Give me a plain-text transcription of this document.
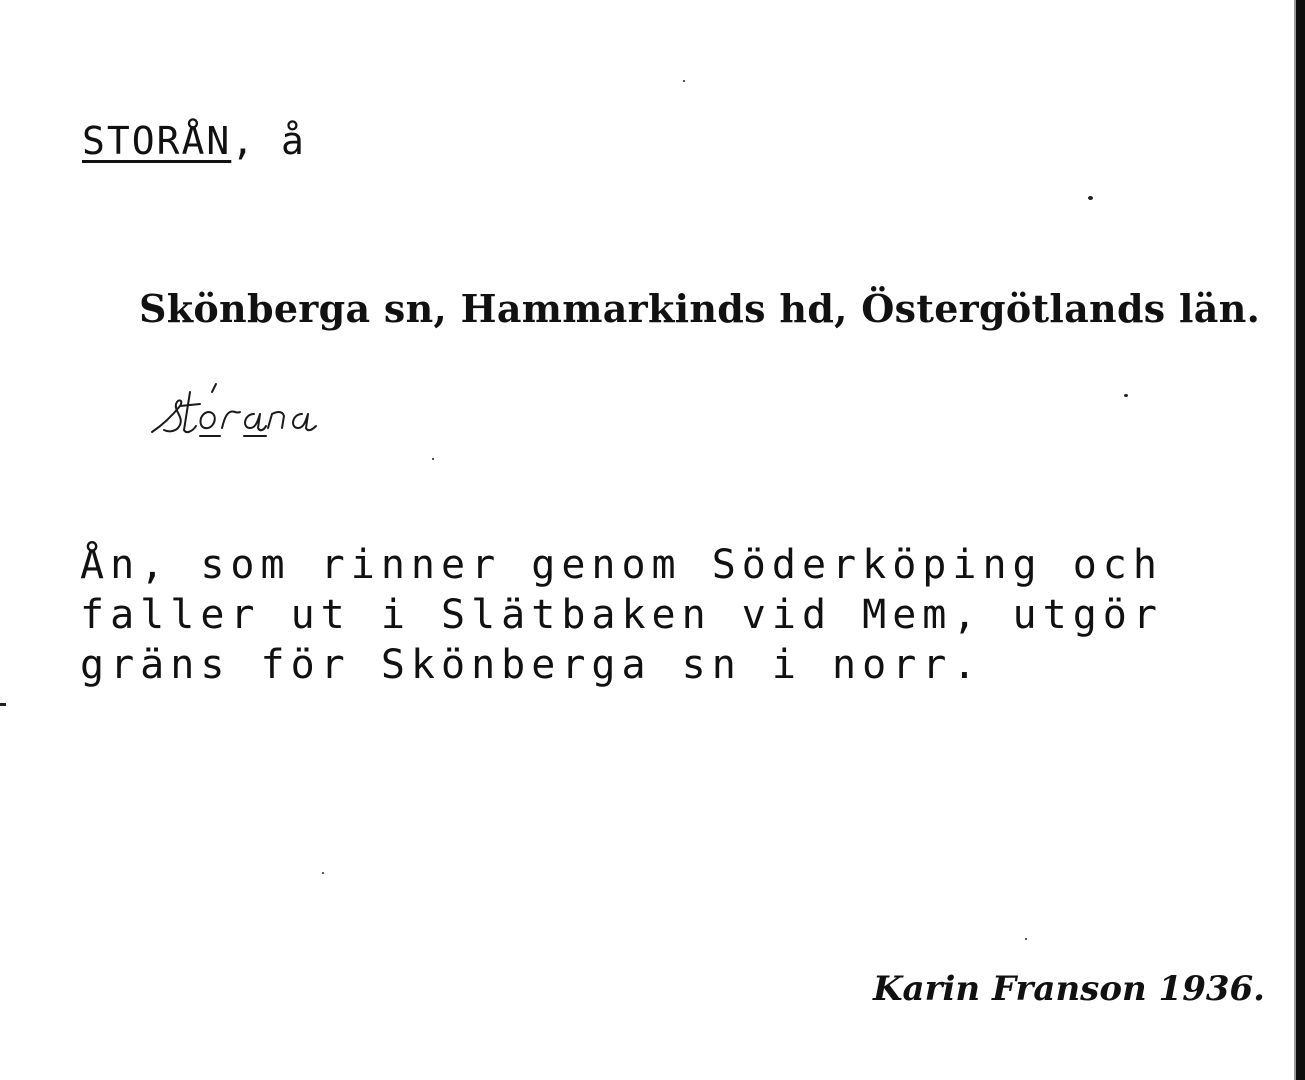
STORÅN, å
Skönberga sn, Hammarkinds hd, Östergötlands län.
Ån, som rinner genom Söderköping och
faller ut i Slätbaken vid Mem, utgör
gräns för Skönberga sn i norr.
Karin Franson 1936.
